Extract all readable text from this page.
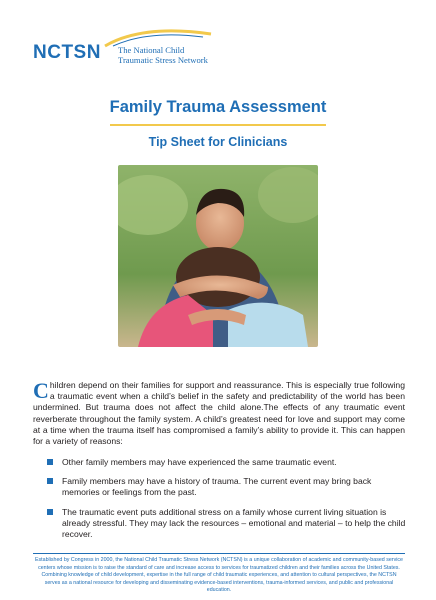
NCTSN The National Child
Traumatic Stress Network
Family Trauma Assessment
Tip Sheet for Clinicians

Children depend on their families for support and reassurance. This is especially true following a traumatic event when a child’s belief in the safety and predictability of the world has been undermined. But trauma does not affect the child alone.The effects of any traumatic event reverberate throughout the family system. A child’s greatest need for love and support may come at a time when the trauma itself has compromised a family’s ability to provide it. This can happen for a variety of reasons:

Other family members may have experienced the same traumatic event.
Family members may have a history of trauma. The current event may bring back memories or feelings from the past.
The traumatic event puts additional stress on a family whose current living situation is already stressful. They may lack the resources – emotional and material – to help the child recover.

Established by Congress in 2000, the National Child Traumatic Stress Network (NCTSN) is a unique collaboration of academic and community-based service centers whose mission is to raise the standard of care and increase access to services for traumatized children and their families across the United States. Combining knowledge of child development, expertise in the full range of child traumatic experiences, and attention to cultural perspectives, the NCTSN serves as a national resource for developing and disseminating evidence-based interventions, trauma-informed services, and public and professional education.
